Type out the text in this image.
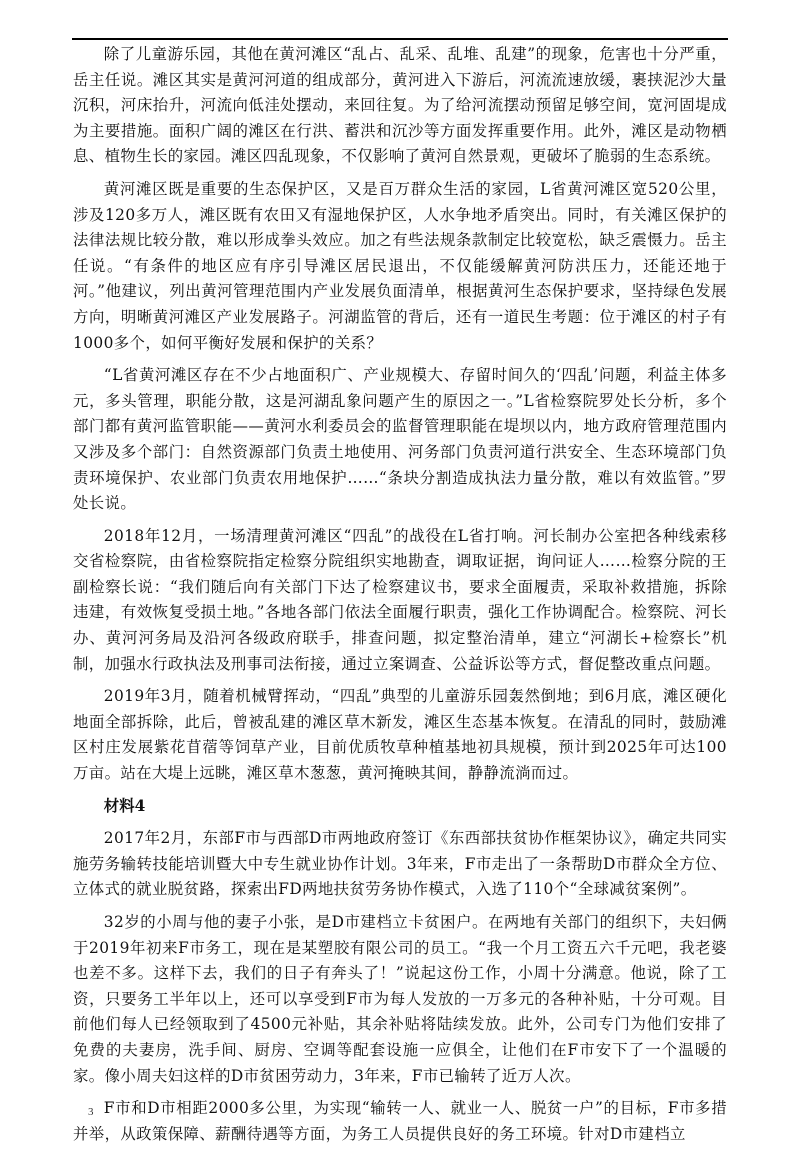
除了儿童游乐园，其他在黄河滩区“乱占、乱采、乱堆、乱建”的现象，危害也十分严重，岳主任说。滩区其实是黄河河道的组成部分，黄河进入下游后，河流流速放缓，裹挟泥沙大量沉积，河床抬升，河流向低洼处摆动，来回往复。为了给河流摆动预留足够空间，宽河固堤成为主要措施。面积广阔的滩区在行洪、蓄洪和沉沙等方面发挥重要作用。此外，滩区是动物栖息、植物生长的家园。滩区四乱现象，不仅影响了黄河自然景观，更破坏了脆弱的生态系统。

黄河滩区既是重要的生态保护区，又是百万群众生活的家园，L省黄河滩区宽520公里，涉及120多万人，滩区既有农田又有湿地保护区，人水争地矛盾突出。同时，有关滩区保护的法律法规比较分散，难以形成拳头效应。加之有些法规条款制定比较宽松，缺乏震慑力。岳主任说。“有条件的地区应有序引导滩区居民退出，不仅能缓解黄河防洪压力，还能还地于河。”他建议，列出黄河管理范围内产业发展负面清单，根据黄河生态保护要求，坚持绿色发展方向，明晰黄河滩区产业发展路子。河湖监管的背后，还有一道民生考题：位于滩区的村子有1000多个，如何平衡好发展和保护的关系？

“L省黄河滩区存在不少占地面积广、产业规模大、存留时间久的‘四乱’问题，利益主体多元，多头管理，职能分散，这是河湖乱象问题产生的原因之一。”L省检察院罗处长分析，多个部门都有黄河监管职能——黄河水利委员会的监督管理职能在堤坝以内，地方政府管理范围内又涉及多个部门：自然资源部门负责土地使用、河务部门负责河道行洪安全、生态环境部门负责环境保护、农业部门负责农用地保护……“条块分割造成执法力量分散，难以有效监管。”罗处长说。

2018年12月，一场清理黄河滩区“四乱”的战役在L省打响。河长制办公室把各种线索移交省检察院，由省检察院指定检察分院组织实地勘查，调取证据，询问证人……检察分院的王副检察长说：“我们随后向有关部门下达了检察建议书，要求全面履责，采取补救措施，拆除违建，有效恢复受损土地。”各地各部门依法全面履行职责，强化工作协调配合。检察院、河长办、黄河河务局及沿河各级政府联手，排查问题，拟定整治清单，建立“河湖长+检察长”机制，加强水行政执法及刑事司法衔接，通过立案调查、公益诉讼等方式，督促整改重点问题。

2019年3月，随着机械臂挥动，“四乱”典型的儿童游乐园轰然倒地；到6月底，滩区硬化地面全部拆除，此后，曾被乱建的滩区草木新发，滩区生态基本恢复。在清乱的同时，鼓励滩区村庄发展紫花苜蓿等饲草产业，目前优质牧草种植基地初具规模，预计到2025年可达100万亩。站在大堤上远眺，滩区草木葱葱，黄河掩映其间，静静流淌而过。

材料4

2017年2月，东部F市与西部D市两地政府签订《东西部扶贫协作框架协议》，确定共同实施劳务输转技能培训暨大中专生就业协作计划。3年来，F市走出了一条帮助D市群众全方位、立体式的就业脱贫路，探索出FD两地扶贫劳务协作模式，入选了110个“全球减贫案例”。

32岁的小周与他的妻子小张，是D市建档立卡贫困户。在两地有关部门的组织下，夫妇俩于2019年初来F市务工，现在是某塑胶有限公司的员工。“我一个月工资五六千元吧，我老婆也差不多。这样下去，我们的日子有奔头了！”说起这份工作，小周十分满意。他说，除了工资，只要务工半年以上，还可以享受到F市为每人发放的一万多元的各种补贴，十分可观。目前他们每人已经领取到了4500元补贴，其余补贴将陆续发放。此外，公司专门为他们安排了免费的夫妻房，洗手间、厨房、空调等配套设施一应俱全，让他们在F市安下了一个温暖的家。像小周夫妇这样的D市贫困劳动力，3年来，F市已输转了近万人次。

F市和D市相距2000多公里，为实现“输转一人、就业一人、脱贫一户”的目标，F市多措并举，从政策保障、薪酬待遇等方面，为务工人员提供良好的务工环境。针对D市建档立

3
